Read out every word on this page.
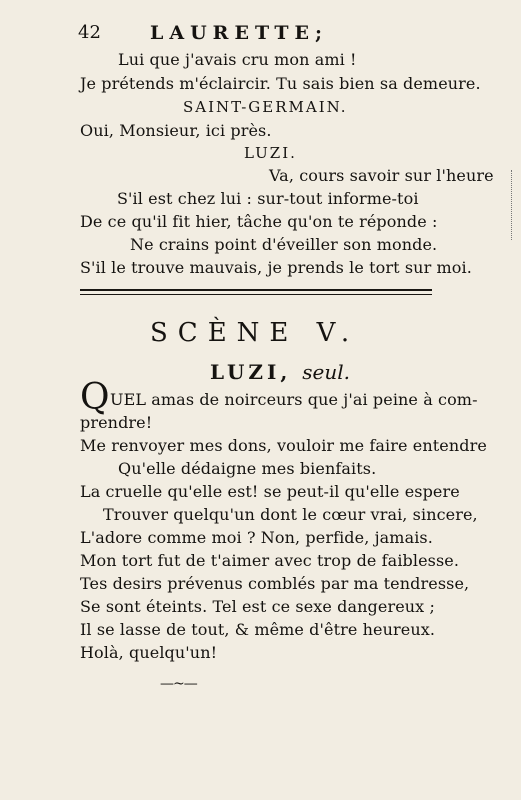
42	LAURETTE;
Lui que j'avais cru mon ami !
Je prétends m'éclaircir. Tu sais bien sa demeure.
SAINT-GERMAIN.
Oui, Monsieur, ici près.
LUZI.
Va, cours savoir sur l'heure
S'il est chez lui : sur-tout informe-toi
De ce qu'il fit hier, tâche qu'on te réponde :
Ne crains point d'éveiller son monde.
S'il le trouve mauvais, je prends le tort sur moi.
SCÈNE V.
LUZI, seul.
Q UEL amas de noirceurs que j'ai peine à com-
prendre!
Me renvoyer mes dons, vouloir me faire entendre
Qu'elle dédaigne mes bienfaits.
La cruelle qu'elle est! se peut-il qu'elle espere
Trouver quelqu'un dont le cœur vrai, sincere,
L'adore comme moi ? Non, perfide, jamais.
Mon tort fut de t'aimer avec trop de faiblesse.
Tes desirs prévenus comblés par ma tendresse,
Se sont éteints. Tel est ce sexe dangereux ;
Il se lasse de tout, & même d'être heureux.
Holà, quelqu'un!
—~—
